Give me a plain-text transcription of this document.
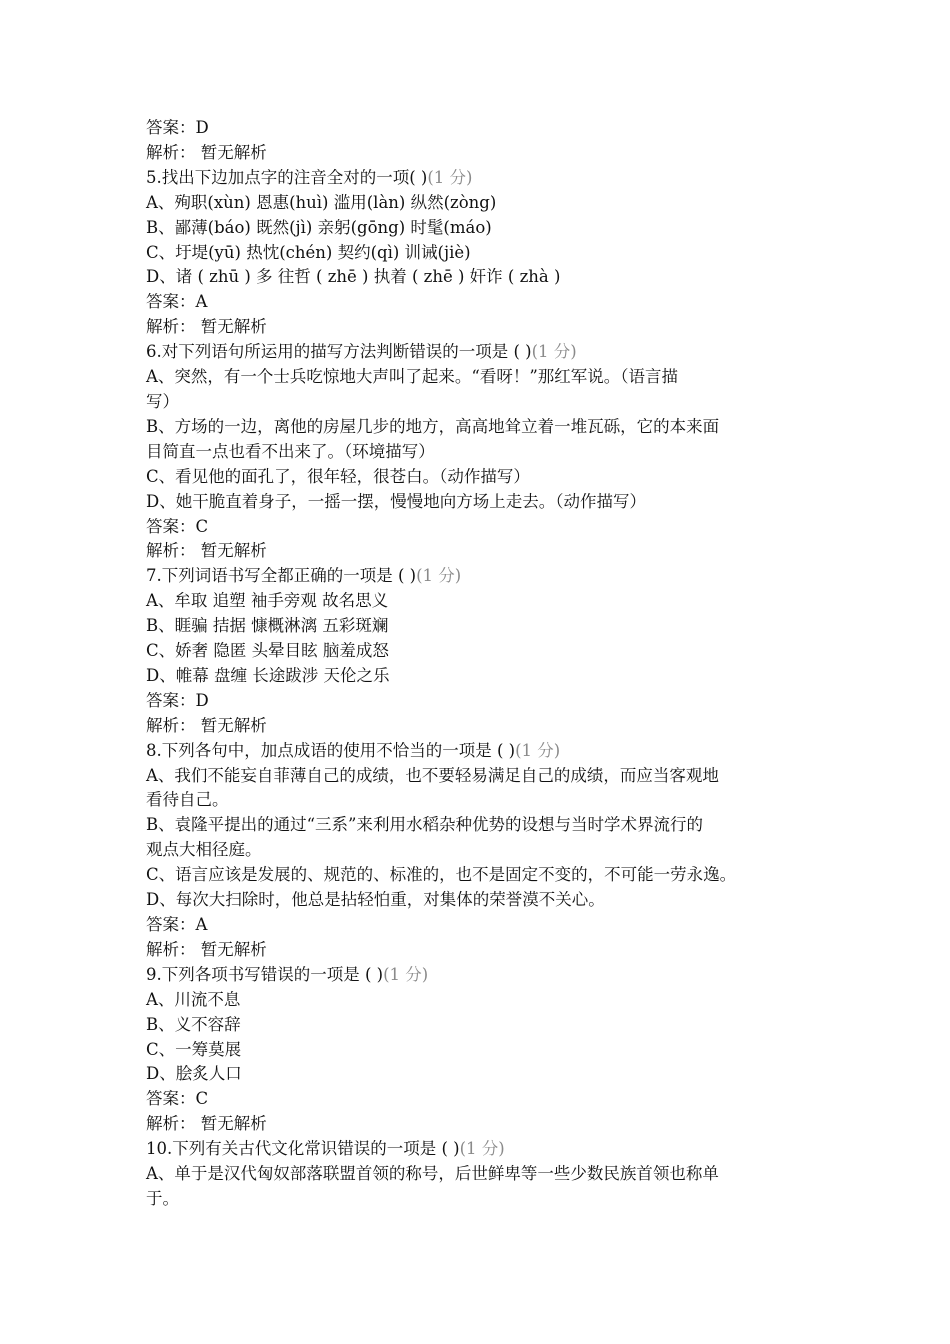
答案：D
解析： 暂无解析
5.找出下边加点字的注音全对的一项( )(1 分)
A、殉职(xùn) 恩惠(huì) 滥用(làn) 纵然(zòng)
B、鄙薄(báo) 既然(jì) 亲躬(gōng) 时髦(máo)
C、圩堤(yū) 热忱(chén) 契约(qì) 训诫(jiè)
D、诸 ( zhū ) 多 往哲 ( zhē ) 执着 ( zhē ) 奸诈 ( zhà )
答案：A
解析： 暂无解析
6.对下列语句所运用的描写方法判断错误的一项是 ( )(1 分)
A、突然，有一个士兵吃惊地大声叫了起来。“看呀！”那红军说。（语言描
写）
B、方场的一边，离他的房屋几步的地方，高高地耸立着一堆瓦砾，它的本来面
目简直一点也看不出来了。（环境描写）
C、看见他的面孔了，很年轻，很苍白。（动作描写）
D、她干脆直着身子，一摇一摆，慢慢地向方场上走去。（动作描写）
答案：C
解析： 暂无解析
7.下列词语书写全都正确的一项是 ( )(1 分)
A、牟取 追塑 袖手旁观 故名思义
B、睚骗 拮据 慷概淋漓 五彩斑斓
C、娇奢 隐匿 头晕目眩 脑羞成怒
D、帷幕 盘缠 长途跋涉 天伦之乐
答案：D
解析： 暂无解析
8.下列各句中，加点成语的使用不恰当的一项是 ( )(1 分)
A、我们不能妄自菲薄自己的成绩，也不要轻易满足自己的成绩，而应当客观地
看待自己。
B、袁隆平提出的通过“三系”来利用水稻杂种优势的设想与当时学术界流行的
观点大相径庭。
C、语言应该是发展的、规范的、标准的，也不是固定不变的，不可能一劳永逸。
D、每次大扫除时，他总是拈轻怕重，对集体的荣誉漠不关心。
答案：A
解析： 暂无解析
9.下列各项书写错误的一项是 ( )(1 分)
A、川流不息
B、义不容辞
C、一筹莫展
D、脍炙人口
答案：C
解析： 暂无解析
10.下列有关古代文化常识错误的一项是 ( )(1 分)
A、单于是汉代匈奴部落联盟首领的称号，后世鲜卑等一些少数民族首领也称单
于。
